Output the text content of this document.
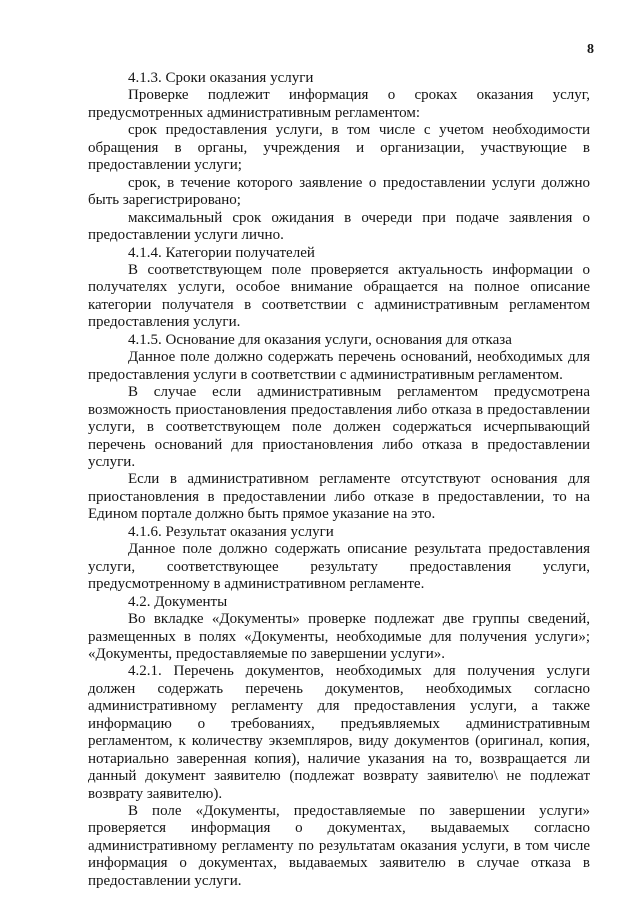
8

4.1.3. Сроки оказания услуги

Проверке подлежит информация о сроках оказания услуг, предусмотренных административным регламентом:

срок предоставления услуги, в том числе с учетом необходимости обращения в органы, учреждения и организации, участвующие в предоставлении услуги;

срок, в течение которого заявление о предоставлении услуги должно быть зарегистрировано;

максимальный срок ожидания в очереди при подаче заявления о предоставлении услуги лично.

4.1.4. Категории получателей

В соответствующем поле проверяется актуальность информации о получателях услуги, особое внимание обращается на полное описание категории получателя в соответствии с административным регламентом предоставления услуги.

4.1.5. Основание для оказания услуги, основания для отказа

Данное поле должно содержать перечень оснований, необходимых для предоставления услуги в соответствии с административным регламентом.

В случае если административным регламентом предусмотрена возможность приостановления предоставления либо отказа в предоставлении услуги, в соответствующем поле должен содержаться исчерпывающий перечень оснований для приостановления либо отказа в предоставлении услуги.

Если в административном регламенте отсутствуют основания для приостановления в предоставлении либо отказе в предоставлении, то на Едином портале должно быть прямое указание на это.

4.1.6. Результат оказания услуги

Данное поле должно содержать описание результата предоставления услуги, соответствующее результату предоставления услуги, предусмотренному в административном регламенте.

4.2. Документы

Во вкладке «Документы» проверке подлежат две группы сведений, размещенных в полях «Документы, необходимые для получения услуги»; «Документы, предоставляемые по завершении услуги».

4.2.1. Перечень документов, необходимых для получения услуги должен содержать перечень документов, необходимых согласно административному регламенту для предоставления услуги, а также информацию о требованиях, предъявляемых административным регламентом, к количеству экземпляров, виду документов (оригинал, копия, нотариально заверенная копия), наличие указания на то, возвращается ли данный документ заявителю (подлежат возврату заявителю\ не подлежат возврату заявителю).

В поле «Документы, предоставляемые по завершении услуги» проверяется информация о документах, выдаваемых согласно административному регламенту по результатам оказания услуги, в том числе информация о документах, выдаваемых заявителю в случае отказа в предоставлении услуги.
